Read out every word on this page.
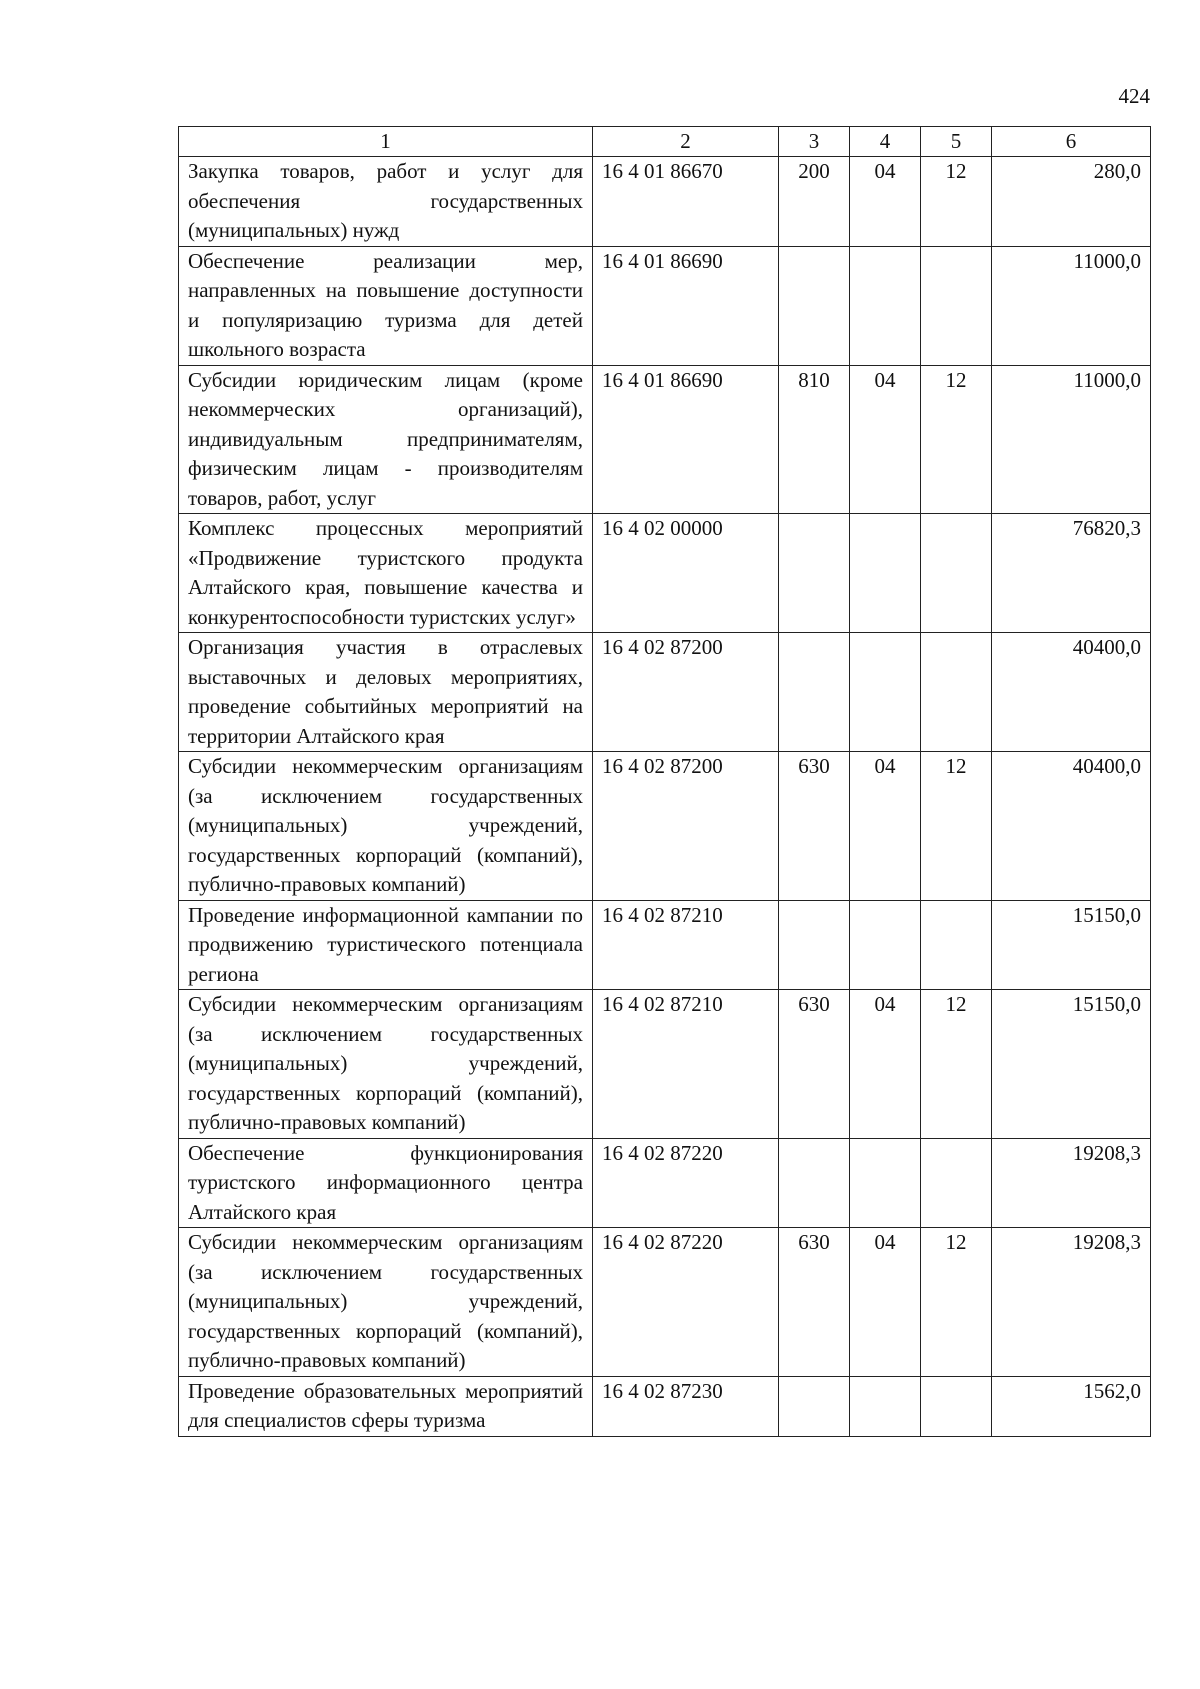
424
1	2	3	4	5	6
Закупка товаров, работ и услуг для обеспечения государственных (муниципальных) нужд	16 4 01 86670	200	04	12	280,0
Обеспечение реализации мер, направленных на повышение доступности и популяризацию туризма для детей школьного возраста	16 4 01 86690				11000,0
Субсидии юридическим лицам (кроме некоммерческих организаций), индивидуальным предпринимателям, физическим лицам - производителям товаров, работ, услуг	16 4 01 86690	810	04	12	11000,0
Комплекс процессных мероприятий «Продвижение туристского продукта Алтайского края, повышение качества и конкурентоспособности туристских услуг»	16 4 02 00000				76820,3
Организация участия в отраслевых выставочных и деловых мероприятиях, проведение событийных мероприятий на территории Алтайского края	16 4 02 87200				40400,0
Субсидии некоммерческим организациям (за исключением государственных (муниципальных) учреждений, государственных корпораций (компаний), публично-правовых компаний)	16 4 02 87200	630	04	12	40400,0
Проведение информационной кампании по продвижению туристического потенциала региона	16 4 02 87210				15150,0
Субсидии некоммерческим организациям (за исключением государственных (муниципальных) учреждений, государственных корпораций (компаний), публично-правовых компаний)	16 4 02 87210	630	04	12	15150,0
Обеспечение функционирования туристского информационного центра Алтайского края	16 4 02 87220				19208,3
Субсидии некоммерческим организациям (за исключением государственных (муниципальных) учреждений, государственных корпораций (компаний), публично-правовых компаний)	16 4 02 87220	630	04	12	19208,3
Проведение образовательных мероприятий для специалистов сферы туризма	16 4 02 87230				1562,0
